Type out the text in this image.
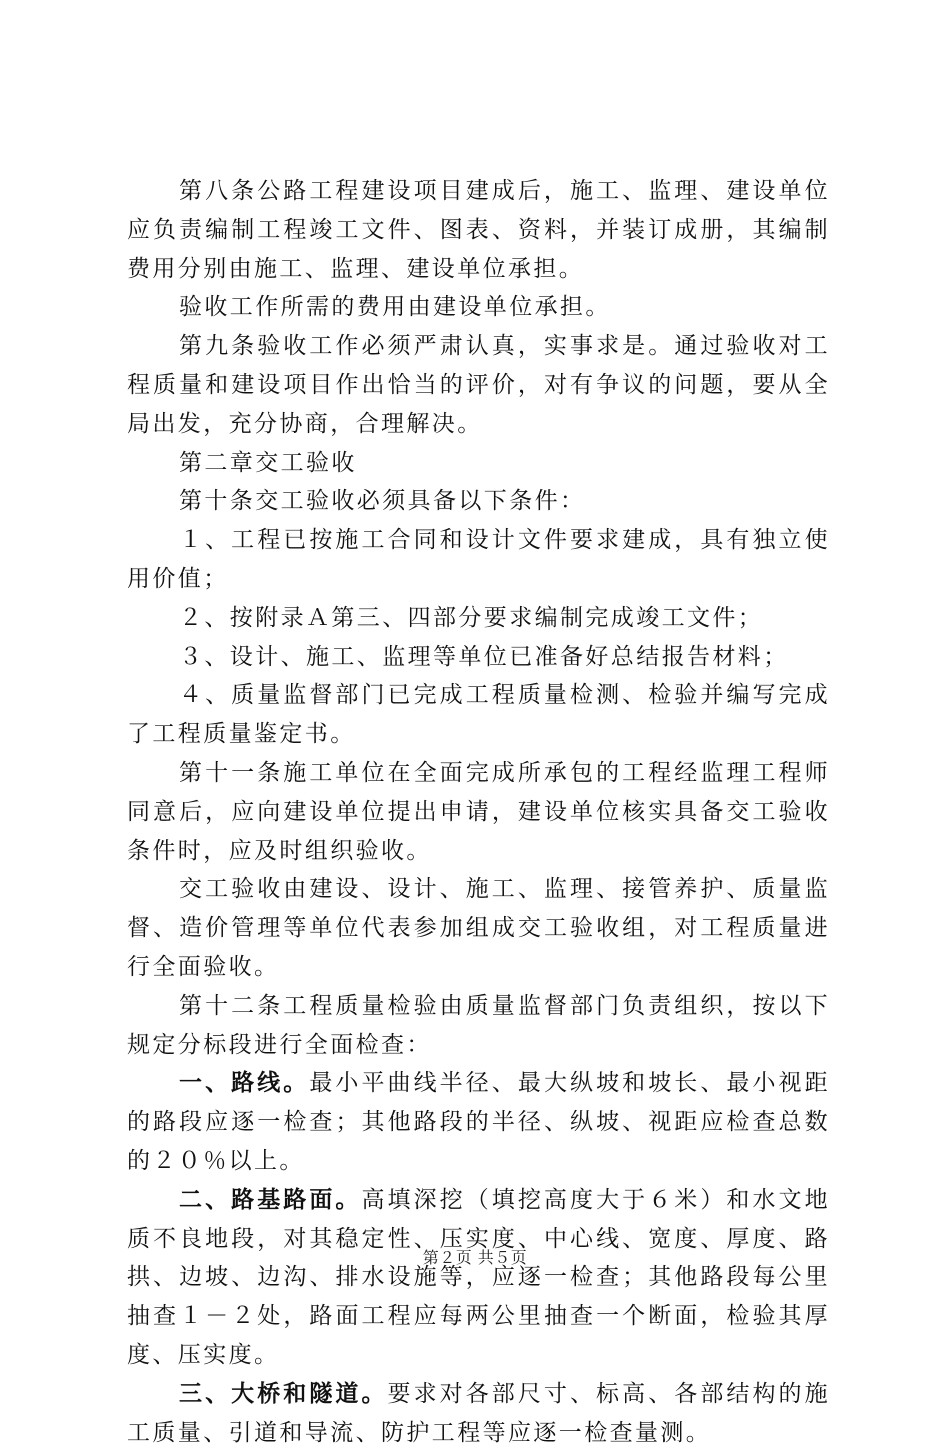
第八条公路工程建设项目建成后，施工、监理、建设单位应负责编制工程竣工文件、图表、资料，并装订成册，其编制费用分别由施工、监理、建设单位承担。

验收工作所需的费用由建设单位承担。

第九条验收工作必须严肃认真，实事求是。通过验收对工程质量和建设项目作出恰当的评价，对有争议的问题，要从全局出发，充分协商，合理解决。

第二章交工验收

第十条交工验收必须具备以下条件：

１、工程已按施工合同和设计文件要求建成，具有独立使用价值；

２、按附录Ａ第三、四部分要求编制完成竣工文件；

３、设计、施工、监理等单位已准备好总结报告材料；

４、质量监督部门已完成工程质量检测、检验并编写完成了工程质量鉴定书。

第十一条施工单位在全面完成所承包的工程经监理工程师同意后，应向建设单位提出申请，建设单位核实具备交工验收条件时，应及时组织验收。

交工验收由建设、设计、施工、监理、接管养护、质量监督、造价管理等单位代表参加组成交工验收组，对工程质量进行全面验收。

第十二条工程质量检验由质量监督部门负责组织，按以下规定分标段进行全面检查：

一、路线。最小平曲线半径、最大纵坡和坡长、最小视距的路段应逐一检查；其他路段的半径、纵坡、视距应检查总数的２０％以上。

二、路基路面。高填深挖（填挖高度大于６米）和水文地质不良地段，对其稳定性、压实度、中心线、宽度、厚度、路拱、边坡、边沟、排水设施等，应逐一检查；其他路段每公里抽查１－２处，路面工程应每两公里抽查一个断面，检验其厚度、压实度。

三、大桥和隧道。要求对各部尺寸、标高、各部结构的施工质量、引道和导流、防护工程等应逐一检查量测。

第２页 共５页
